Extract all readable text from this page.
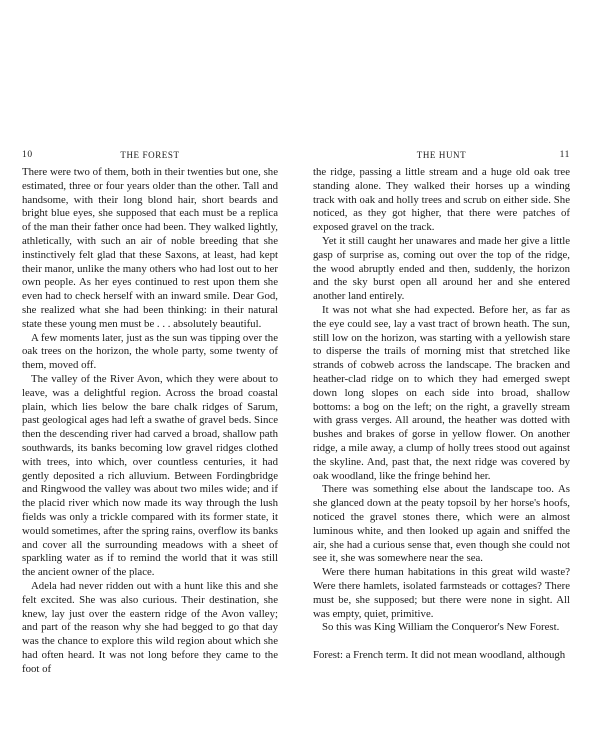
10	THE FOREST

There were two of them, both in their twenties but one, she estimated, three or four years older than the other. Tall and handsome, with their long blond hair, short beards and bright blue eyes, she supposed that each must be a replica of the man their father once had been. They walked lightly, athletically, with such an air of noble breeding that she instinctively felt glad that these Saxons, at least, had kept their manor, unlike the many others who had lost out to her own people. As her eyes continued to rest upon them she even had to check herself with an inward smile. Dear God, she realized what she had been thinking: in their natural state these young men must be . . . absolutely beautiful.

A few moments later, just as the sun was tipping over the oak trees on the horizon, the whole party, some twenty of them, moved off.

The valley of the River Avon, which they were about to leave, was a delightful region. Across the broad coastal plain, which lies below the bare chalk ridges of Sarum, past geological ages had left a swathe of gravel beds. Since then the descending river had carved a broad, shallow path southwards, its banks becoming low gravel ridges clothed with trees, into which, over countless centuries, it had gently deposited a rich alluvium. Between Fordingbridge and Ringwood the valley was about two miles wide; and if the placid river which now made its way through the lush fields was only a trickle compared with its former state, it would sometimes, after the spring rains, overflow its banks and cover all the surrounding meadows with a sheet of sparkling water as if to remind the world that it was still the ancient owner of the place.

Adela had never ridden out with a hunt like this and she felt excited. She was also curious. Their destination, she knew, lay just over the eastern ridge of the Avon valley; and part of the reason why she had begged to go that day was the chance to explore this wild region about which she had often heard. It was not long before they came to the foot of

THE HUNT	11

the ridge, passing a little stream and a huge old oak tree standing alone. They walked their horses up a winding track with oak and holly trees and scrub on either side. She noticed, as they got higher, that there were patches of exposed gravel on the track.

Yet it still caught her unawares and made her give a little gasp of surprise as, coming out over the top of the ridge, the wood abruptly ended and then, suddenly, the horizon and the sky burst open all around her and she entered another land entirely.

It was not what she had expected. Before her, as far as the eye could see, lay a vast tract of brown heath. The sun, still low on the horizon, was starting with a yellowish stare to disperse the trails of morning mist that stretched like strands of cobweb across the landscape. The bracken and heather-clad ridge on to which they had emerged swept down long slopes on each side into broad, shallow bottoms: a bog on the left; on the right, a gravelly stream with grass verges. All around, the heather was dotted with bushes and brakes of gorse in yellow flower. On another ridge, a mile away, a clump of holly trees stood out against the skyline. And, past that, the next ridge was covered by oak woodland, like the fringe behind her.

There was something else about the landscape too. As she glanced down at the peaty topsoil by her horse's hoofs, noticed the gravel stones there, which were an almost luminous white, and then looked up again and sniffed the air, she had a curious sense that, even though she could not see it, she was somewhere near the sea.

Were there human habitations in this great wild waste? Were there hamlets, isolated farmsteads or cottages? There must be, she supposed; but there were none in sight. All was empty, quiet, primitive.

So this was King William the Conqueror's New Forest.

Forest: a French term. It did not mean woodland, although
